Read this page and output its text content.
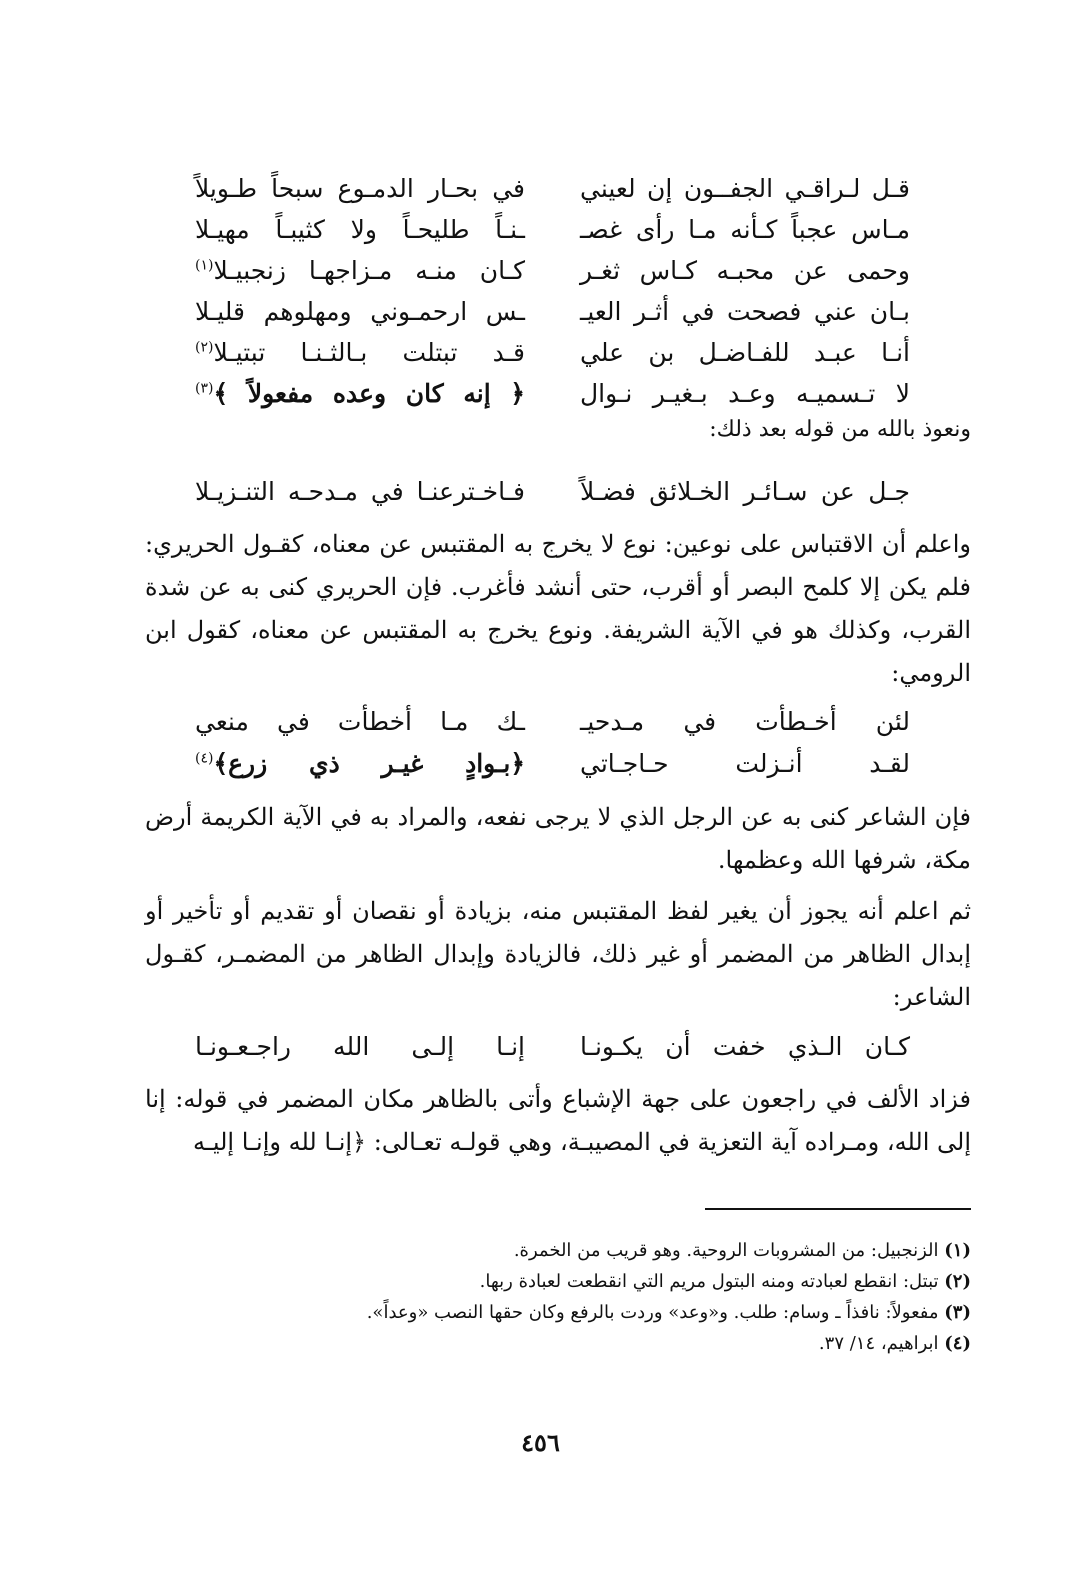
قـل لـراقـي الجفــون إن لعيني
في بحـار الدمـوع سبحاً طـويلاً
مـاس عجباً كـأنه مـا رأى غصـ
ـنـاً طليحـاً ولا كثيبـاً مهيـلا
وحمى عن محبـه كـاس ثغـر
كـان منـه مـزاجهـا زنجبيـلا$^{(١)}$
بـان عني فصحت في أثـر العيـ
ـس ارحمـوني ومهلوهم قليـلا
أنـا عبـد للفـاضـل بن علي
قـد تبتلت بـالثـنـا تبتيـلا$^{(٢)}$
لا تـسميـه وعـد بـغيـر نـوال
﴿ إنه كان وعده مفعولاً ﴾$^{(٣)}$
ونعوذ بالله من قوله بعد ذلك:
جـل عن سـائـر الخـلائق فضـلاً
فـاخـترعنـا في مـدحـه التنـزيـلا

واعلم أن الاقتباس على نوعين: نوع لا يخرج به المقتبس عن معناه، كقـول الحريري: فلم يكن إلا كلمح البصر أو أقرب، حتى أنشد فأغرب. فإن الحريري كنى به عن شدة القرب، وكذلك هو في الآية الشريفة. ونوع يخرج به المقتبس عن معناه، كقول ابن الرومي:

لئن أخـطأت في مـدحيـ
ـك مـا أخطأت في منعي
لقـد أنـزلت حـاجـاتي
﴿بـوادٍ غيـر ذي زرع﴾$^{(٤)}$

فإن الشاعر كنى به عن الرجل الذي لا يرجى نفعه، والمراد به في الآية الكريمة أرض مكة، شرفها الله وعظمها.

ثم اعلم أنه يجوز أن يغير لفظ المقتبس منه، بزيادة أو نقصان أو تقديم أو تأخير أو إبدال الظاهر من المضمر أو غير ذلك، فالزيادة وإبدال الظاهر من المضمـر، كقـول الشاعر:

كـان الـذي خفت أن يكـونـا
إنـا إلـى الله راجـعـونـا

فزاد الألف في راجعون على جهة الإشباع وأتى بالظاهر مكان المضمر في قوله: إنا إلى الله، ومـراده آية التعزية في المصيبـة، وهي قولـه تعـالى: ﴿إنـا لله وإنـا إليـه

(١) الزنجبيل: من المشروبات الروحية. وهو قريب من الخمرة.
(٢) تبتل: انقطع لعبادته ومنه البتول مريم التي انقطعت لعبادة ربها.
(٣) مفعولاً: نافذاً ـ وسام: طلب. و«وعد» وردت بالرفع وكان حقها النصب «وعداً».
(٤) ابراهيم، ١٤/ ٣٧.
٤٥٦
